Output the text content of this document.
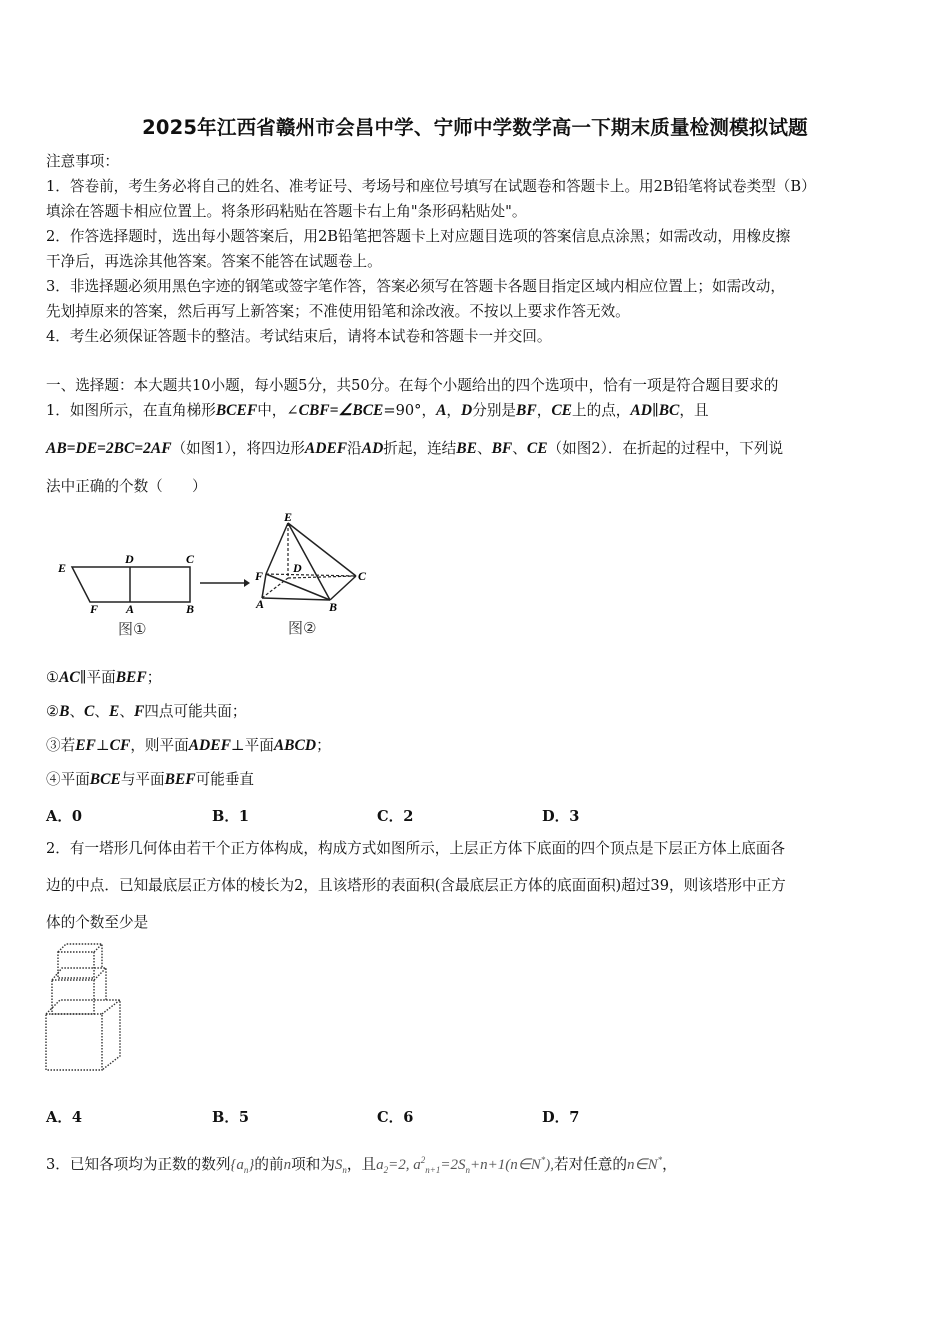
2025年江西省赣州市会昌中学、宁师中学数学高一下期末质量检测模拟试题
注意事项：
1．答卷前，考生务必将自己的姓名、准考证号、考场号和座位号填写在试题卷和答题卡上。用2B铅笔将试卷类型（B）
填涂在答题卡相应位置上。将条形码粘贴在答题卡右上角"条形码粘贴处"。
2．作答选择题时，选出每小题答案后，用2B铅笔把答题卡上对应题目选项的答案信息点涂黑；如需改动，用橡皮擦
干净后，再选涂其他答案。答案不能答在试题卷上。
3．非选择题必须用黑色字迹的钢笔或签字笔作答，答案必须写在答题卡各题目指定区域内相应位置上；如需改动，
先划掉原来的答案，然后再写上新答案；不准使用铅笔和涂改液。不按以上要求作答无效。
4．考生必须保证答题卡的整洁。考试结束后，请将本试卷和答题卡一并交回。
一、选择题：本大题共10小题，每小题5分，共50分。在每个小题给出的四个选项中，恰有一项是符合题目要求的
1．如图所示，在直角梯形BCEF中，∠CBF=∠BCE=90°，A，D分别是BF，CE上的点，AD∥BC，且
AB=DE=2BC=2AF（如图1），将四边形ADEF沿AD折起，连结BE、BF、CE（如图2）．在折起的过程中，下列说
法中正确的个数（　　）
E
D	C
F A	B
图①
E
F
D
C
A	B
图②
①AC∥平面BEF；
②B、C、E、F四点可能共面；
③若EF⊥CF，则平面ADEF⊥平面ABCD；
④平面BCE与平面BEF可能垂直
A．0	B．1	C．2	D．3
2．有一塔形几何体由若干个正方体构成，构成方式如图所示，上层正方体下底面的四个顶点是下层正方体上底面各
边的中点．已知最底层正方体的棱长为2，且该塔形的表面积(含最底层正方体的底面面积)超过39，则该塔形中正方
体的个数至少是
A．4	B．5	C．6	D．7
3．已知各项均为正数的数列$\{a_n\}$的前n项和为$S_n$，且$a_2=2$, $a^2_{n+1}=2S_n+n+1(n\in N^*)$,若对任意的n∈N*，
